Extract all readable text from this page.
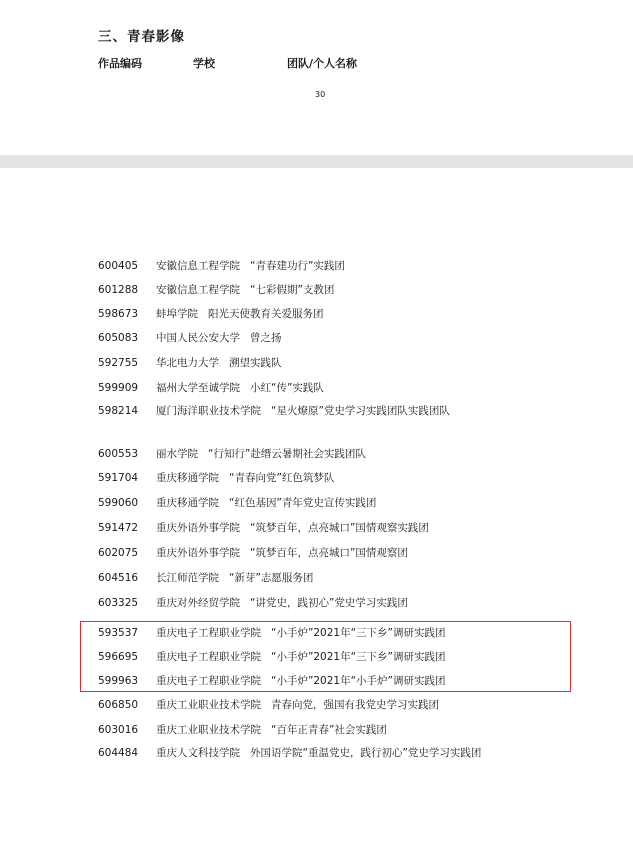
三、青春影像
作品编码	学校	团队/个人名称
30
600405 安徽信息工程学院 “青春建功行”实践团
601288 安徽信息工程学院 “七彩假期”支教团
598673 蚌埠学院 阳光天使教育关爱服务团
605083 中国人民公安大学 曾之扬
592755 华北电力大学 溯望实践队
599909 福州大学至诚学院 小红“传”实践队
598214 厦门海洋职业技术学院 “星火燎原”党史学习实践团队实践团队
600553 丽水学院 “行知行”赴缙云暑期社会实践团队
591704 重庆移通学院 “青春向党”红色筑梦队
599060 重庆移通学院 “红色基因”青年党史宣传实践团
591472 重庆外语外事学院 “筑梦百年，点亮城口”国情观察实践团
602075 重庆外语外事学院 “筑梦百年，点亮城口”国情观察团
604516 长江师范学院 “新芽”志愿服务团
603325 重庆对外经贸学院 “讲党史，践初心”党史学习实践团
593537 重庆电子工程职业学院 “小手炉”2021年“三下乡”调研实践团
596695 重庆电子工程职业学院 “小手炉”2021年“三下乡”调研实践团
599963 重庆电子工程职业学院 “小手炉”2021年“小手炉”调研实践团
606850 重庆工业职业技术学院 青春向党，强国有我党史学习实践团
603016 重庆工业职业技术学院 “百年正青春”社会实践团
604484 重庆人文科技学院 外国语学院“重温党史，践行初心”党史学习实践团
